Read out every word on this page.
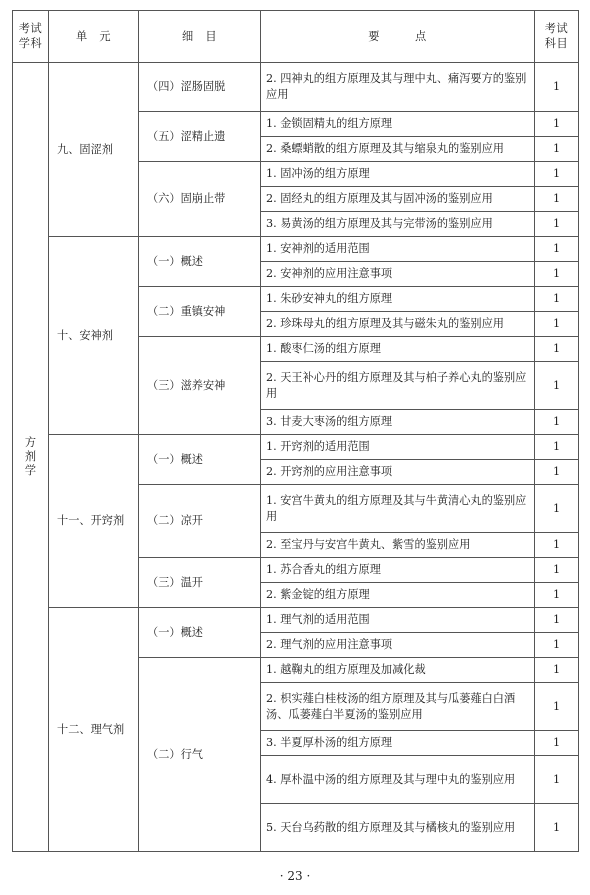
考试学科	单　元	细　目	要　　　点	考试科目
方剂学	九、固涩剂	（四）涩肠固脱	2. 四神丸的组方原理及其与理中丸、痛泻要方的鉴别应用	1
		（五）涩精止遗	1. 金锁固精丸的组方原理	1
			2. 桑螵蛸散的组方原理及其与缩泉丸的鉴别应用	1
		（六）固崩止带	1. 固冲汤的组方原理	1
			2. 固经丸的组方原理及其与固冲汤的鉴别应用	1
			3. 易黄汤的组方原理及其与完带汤的鉴别应用	1
	十、安神剂	（一）概述	1. 安神剂的适用范围	1
			2. 安神剂的应用注意事项	1
		（二）重镇安神	1. 朱砂安神丸的组方原理	1
			2. 珍珠母丸的组方原理及其与磁朱丸的鉴别应用	1
		（三）滋养安神	1. 酸枣仁汤的组方原理	1
			2. 天王补心丹的组方原理及其与柏子养心丸的鉴别应用	1
			3. 甘麦大枣汤的组方原理	1
	十一、开窍剂	（一）概述	1. 开窍剂的适用范围	1
			2. 开窍剂的应用注意事项	1
		（二）凉开	1. 安宫牛黄丸的组方原理及其与牛黄清心丸的鉴别应用	1
			2. 至宝丹与安宫牛黄丸、紫雪的鉴别应用	1
		（三）温开	1. 苏合香丸的组方原理	1
			2. 紫金锭的组方原理	1
	十二、理气剂	（一）概述	1. 理气剂的适用范围	1
			2. 理气剂的应用注意事项	1
		（二）行气	1. 越鞠丸的组方原理及加减化裁	1
			2. 枳实薤白桂枝汤的组方原理及其与瓜蒌薤白白酒汤、瓜蒌薤白半夏汤的鉴别应用	1
			3. 半夏厚朴汤的组方原理	1
			4. 厚朴温中汤的组方原理及其与理中丸的鉴别应用	1
			5. 天台乌药散的组方原理及其与橘核丸的鉴别应用	1
· 23 ·
